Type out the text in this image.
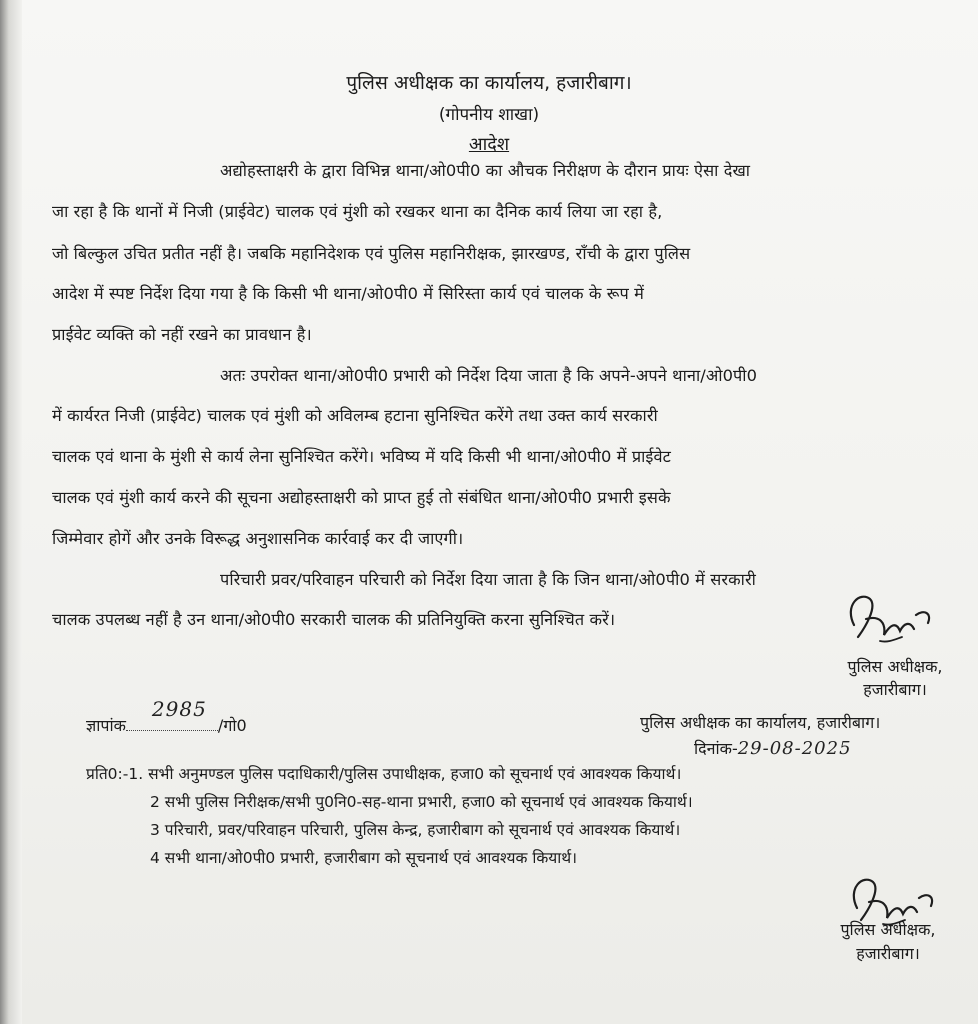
पुलिस अधीक्षक का कार्यालय, हजारीबाग।
(गोपनीय शाखा)
आदेश
अद्योहस्ताक्षरी के द्वारा विभिन्न थाना/ओ0पी0 का औचक निरीक्षण के दौरान प्रायः ऐसा देखा
जा रहा है कि थानों में निजी (प्राईवेट) चालक एवं मुंशी को रखकर थाना का दैनिक कार्य लिया जा रहा है,
जो बिल्कुल उचित प्रतीत नहीं है। जबकि महानिदेशक एवं पुलिस महानिरीक्षक, झारखण्ड, राँची के द्वारा पुलिस
आदेश में स्पष्ट निर्देश दिया गया है कि किसी भी थाना/ओ0पी0 में सिरिस्ता कार्य एवं चालक के रूप में
प्राईवेट व्यक्ति को नहीं रखने का प्रावधान है।
अतः उपरोक्त थाना/ओ0पी0 प्रभारी को निर्देश दिया जाता है कि अपने-अपने थाना/ओ0पी0
में कार्यरत निजी (प्राईवेट) चालक एवं मुंशी को अविलम्ब हटाना सुनिश्चित करेंगे तथा उक्त कार्य सरकारी
चालक एवं थाना के मुंशी से कार्य लेना सुनिश्चित करेंगे। भविष्य में यदि किसी भी थाना/ओ0पी0 में प्राईवेट
चालक एवं मुंशी कार्य करने की सूचना अद्योहस्ताक्षरी को प्राप्त हुई तो संबंधित थाना/ओ0पी0 प्रभारी इसके
जिम्मेवार होगें और उनके विरूद्ध अनुशासनिक कार्रवाई कर दी जाएगी।
परिचारी प्रवर/परिवाहन परिचारी को निर्देश दिया जाता है कि जिन थाना/ओ0पी0 में सरकारी
चालक उपलब्ध नहीं है उन थाना/ओ0पी0 सरकारी चालक की प्रतिनियुक्ति करना सुनिश्चित करें।
पुलिस अधीक्षक,
हजारीबाग।
ज्ञापांक
2985
/गो0	पुलिस अधीक्षक का कार्यालय, हजारीबाग।
दिनांक-29-08-2025
प्रति0:-1. सभी अनुमण्डल पुलिस पदाधिकारी/पुलिस उपाधीक्षक, हजा0 को सूचनार्थ एवं आवश्यक कियार्थ।
2 सभी पुलिस निरीक्षक/सभी पु0नि0-सह-थाना प्रभारी, हजा0 को सूचनार्थ एवं आवश्यक कियार्थ।
3 परिचारी, प्रवर/परिवाहन परिचारी, पुलिस केन्द्र, हजारीबाग को सूचनार्थ एवं आवश्यक कियार्थ।
4 सभी थाना/ओ0पी0 प्रभारी, हजारीबाग को सूचनार्थ एवं आवश्यक कियार्थ।
पुलिस अधीक्षक,
हजारीबाग।
